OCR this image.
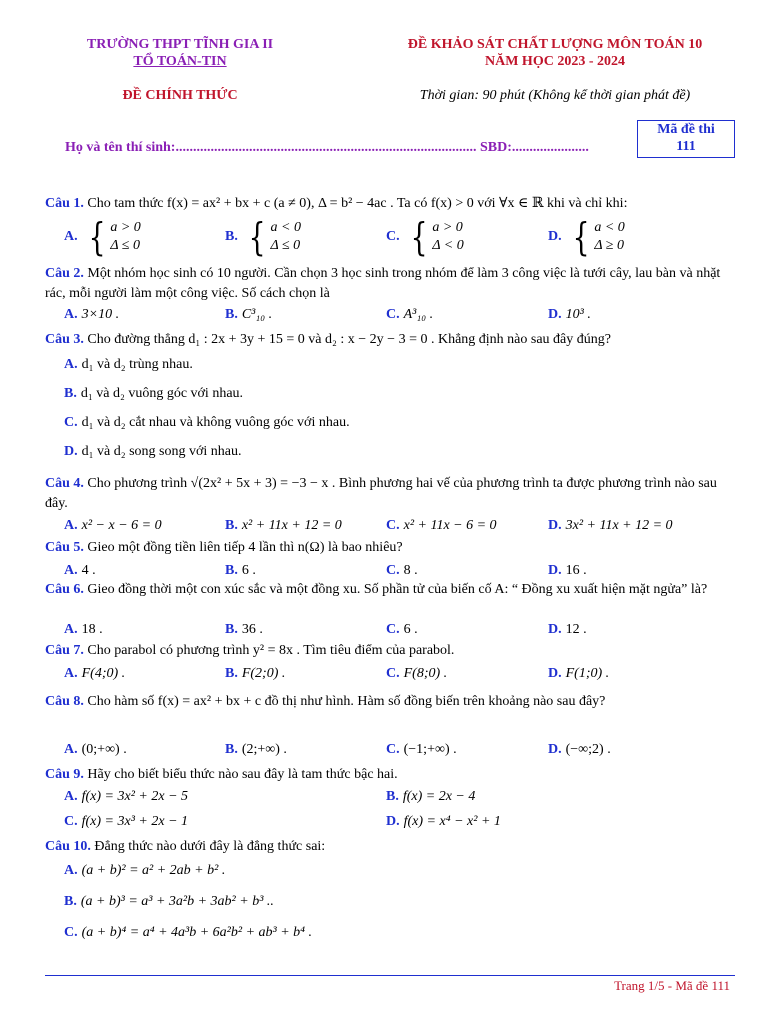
TRƯỜNG THPT TĨNH GIA II
TỔ TOÁN-TIN
ĐỀ KHẢO SÁT CHẤT LƯỢNG MÔN TOÁN 10
NĂM HỌC 2023 - 2024
ĐỀ CHÍNH THỨC	Thời gian: 90 phút (Không kể thời gian phát đề)
Họ và tên thí sinh:...................................................................................... SBD:......................
Mã đề thi
111
Câu 1. Cho tam thức f(x) = ax² + bx + c (a ≠ 0), Δ = b² − 4ac . Ta có f(x) > 0 với ∀x ∈ ℝ khi và chỉ khi:
A. { a > 0
Δ ≤ 0
B. { a < 0
Δ ≤ 0
C. { a > 0
Δ < 0
D. { a < 0
Δ ≥ 0
Câu 2. Một nhóm học sinh có 10 người. Cần chọn 3 học sinh trong nhóm để làm 3 công việc là tưới cây, lau bàn và nhặt rác, mỗi người làm một công việc. Số cách chọn là
A. 3×10 .	B. C³₁₀ .	C. A³₁₀ .	D. 10³ .
Câu 3. Cho đường thẳng d₁ : 2x + 3y + 15 = 0 và d₂ : x − 2y − 3 = 0 . Khẳng định nào sau đây đúng?
A. d₁ và d₂ trùng nhau.
B. d₁ và d₂ vuông góc với nhau.
C. d₁ và d₂ cắt nhau và không vuông góc với nhau.
D. d₁ và d₂ song song với nhau.
Câu 4. Cho phương trình √(2x² + 5x + 3) = −3 − x . Bình phương hai vế của phương trình ta được phương trình nào sau đây.
A. x² − x − 6 = 0	B. x² + 11x + 12 = 0	C. x² + 11x − 6 = 0	D. 3x² + 11x + 12 = 0
Câu 5. Gieo một đồng tiền liên tiếp 4 lần thì n(Ω) là bao nhiêu?
A. 4 .	B. 6 .	C. 8 .	D. 16 .
Câu 6. Gieo đồng thời một con xúc sắc và một đồng xu. Số phần tử của biến cố A: “ Đồng xu xuất hiện mặt ngửa” là?
A. 18 .	B. 36 .	C. 6 .	D. 12 .
Câu 7. Cho parabol có phương trình y² = 8x . Tìm tiêu điểm của parabol.
A. F(4;0) .	B. F(2;0) .	C. F(8;0) .	D. F(1;0) .
Câu 8. Cho hàm số f(x) = ax² + bx + c đồ thị như hình. Hàm số đồng biến trên khoảng nào sau đây?
A. (0;+∞) .	B. (2;+∞) .	C. (−1;+∞) .	D. (−∞;2) .
Câu 9. Hãy cho biết biểu thức nào sau đây là tam thức bậc hai.
A. f(x) = 3x² + 2x − 5	B. f(x) = 2x − 4
C. f(x) = 3x³ + 2x − 1	D. f(x) = x⁴ − x² + 1
Câu 10. Đẳng thức nào dưới đây là đẳng thức sai:
A. (a + b)² = a² + 2ab + b² .
B. (a + b)³ = a³ + 3a²b + 3ab² + b³ ..
C. (a + b)⁴ = a⁴ + 4a³b + 6a²b² + ab³ + b⁴ .
Trang 1/5 - Mã đề 111
